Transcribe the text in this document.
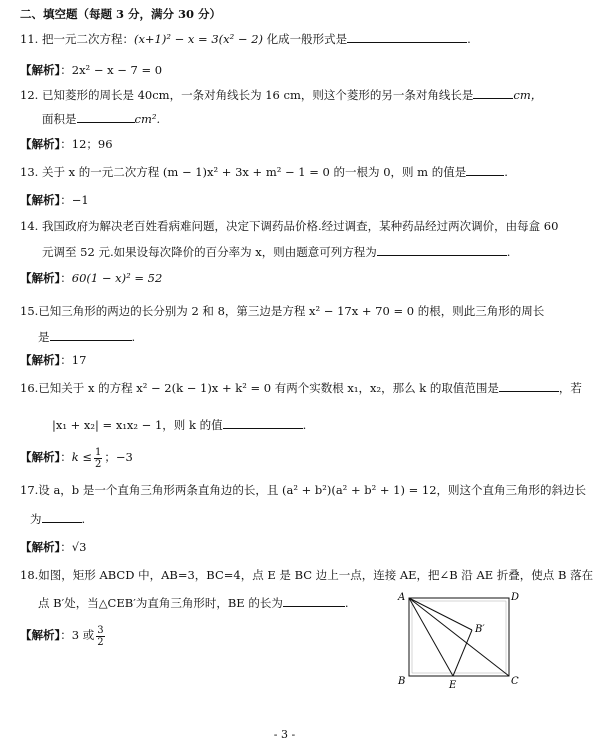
二、填空题（每题 3 分，满分 30 分）
11. 把一元二次方程：(x+1)² − x = 3(x² − 2) 化成一般形式是	.
【解析】：2x² − x − 7 = 0
12. 已知菱形的周长是 40cm，一条对角线长为 16 cm，则这个菱形的另一条对角线长是	cm，
面积是	cm².
【解析】：12；96
13. 关于 x 的一元二次方程 (m − 1)x² + 3x + m² − 1 = 0 的一根为 0，则 m 的值是	.
【解析】：−1
14. 我国政府为解决老百姓看病难问题，决定下调药品价格.经过调查，某种药品经过两次调价，由每盒 60
元调至 52 元.如果设每次降价的百分率为 x，则由题意可列方程为	.
【解析】：60(1 − x)² = 52
15.已知三角形的两边的长分别为 2 和 8，第三边是方程 x² − 17x + 70 = 0 的根，则此三角形的周长
是	.
【解析】：17
16.已知关于 x 的方程 x² − 2(k − 1)x + k² = 0 有两个实数根 x₁，x₂，那么 k 的取值范围是	，若
|x₁ + x₂| = x₁x₂ − 1，则 k 的值	.
【解析】：$k \le \frac{1}{2}$ ；−3
17.设 a，b 是一个直角三角形两条直角边的长，且 (a² + b²)(a² + b² + 1) = 12，则这个直角三角形的斜边长
为	.
【解析】：√3
18.如图，矩形 ABCD 中，AB=3，BC=4，点 E 是 BC 边上一点，连接 AE，把∠B 沿 AE 折叠，使点 B 落在
点 B′处，当△CEB′为直角三角形时，BE 的长为	.
【解析】：3 或 $\frac{3}{2}$
A	D
B	E	C
B′
- 3 -
